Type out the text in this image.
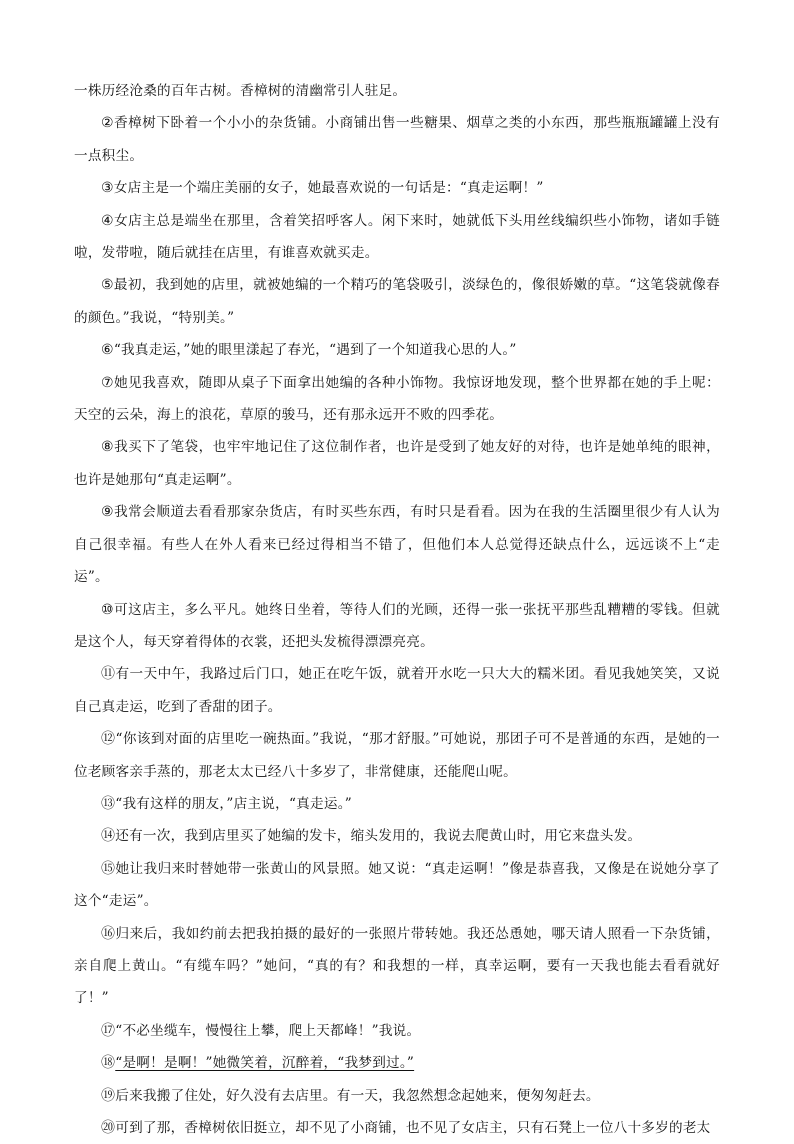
一株历经沧桑的百年古树。香樟树的清幽常引人驻足。

②香樟树下卧着一个小小的杂货铺。小商铺出售一些糖果、烟草之类的小东西，那些瓶瓶罐罐上没有一点积尘。

③女店主是一个端庄美丽的女子，她最喜欢说的一句话是：“真走运啊！”

④女店主总是端坐在那里，含着笑招呼客人。闲下来时，她就低下头用丝线编织些小饰物，诸如手链啦，发带啦，随后就挂在店里，有谁喜欢就买走。

⑤最初，我到她的店里，就被她编的一个精巧的笔袋吸引，淡绿色的，像很娇嫩的草。“这笔袋就像春的颜色。”我说，“特别美。”

⑥“我真走运，”她的眼里漾起了春光，“遇到了一个知道我心思的人。”

⑦她见我喜欢，随即从桌子下面拿出她编的各种小饰物。我惊讶地发现，整个世界都在她的手上呢：天空的云朵，海上的浪花，草原的骏马，还有那永远开不败的四季花。

⑧我买下了笔袋，也牢牢地记住了这位制作者，也许是受到了她友好的对待，也许是她单纯的眼神，也许是她那句“真走运啊”。

⑨我常会顺道去看看那家杂货店，有时买些东西，有时只是看看。因为在我的生活圈里很少有人认为自己很幸福。有些人在外人看来已经过得相当不错了，但他们本人总觉得还缺点什么，远远谈不上“走运”。

⑩可这店主，多么平凡。她终日坐着，等待人们的光顾，还得一张一张抚平那些乱糟糟的零钱。但就是这个人，每天穿着得体的衣裳，还把头发梳得漂漂亮亮。

⑪有一天中午，我路过后门口，她正在吃午饭，就着开水吃一只大大的糯米团。看见我她笑笑，又说自己真走运，吃到了香甜的团子。

⑫“你该到对面的店里吃一碗热面。”我说，“那才舒服。”可她说，那团子可不是普通的东西，是她的一位老顾客亲手蒸的，那老太太已经八十多岁了，非常健康，还能爬山呢。

⑬“我有这样的朋友，”店主说，“真走运。”

⑭还有一次，我到店里买了她编的发卡，缩头发用的，我说去爬黄山时，用它来盘头发。

⑮她让我归来时替她带一张黄山的风景照。她又说：“真走运啊！”像是恭喜我，又像是在说她分享了这个“走运”。

⑯归来后，我如约前去把我拍摄的最好的一张照片带转她。我还怂恿她，哪天请人照看一下杂货铺，亲自爬上黄山。“有缆车吗？”她问，“真的有？和我想的一样，真幸运啊，要有一天我也能去看看就好了！”

⑰“不必坐缆车，慢慢往上攀，爬上天都峰！”我说。

⑱“是啊！是啊！”她微笑着，沉醉着，“我梦到过。”

⑲后来我搬了住处，好久没有去店里。有一天，我忽然想念起她来，便匆匆赶去。

⑳可到了那，香樟树依旧挺立，却不见了小商铺，也不见了女店主，只有石凳上一位八十多岁的老太
